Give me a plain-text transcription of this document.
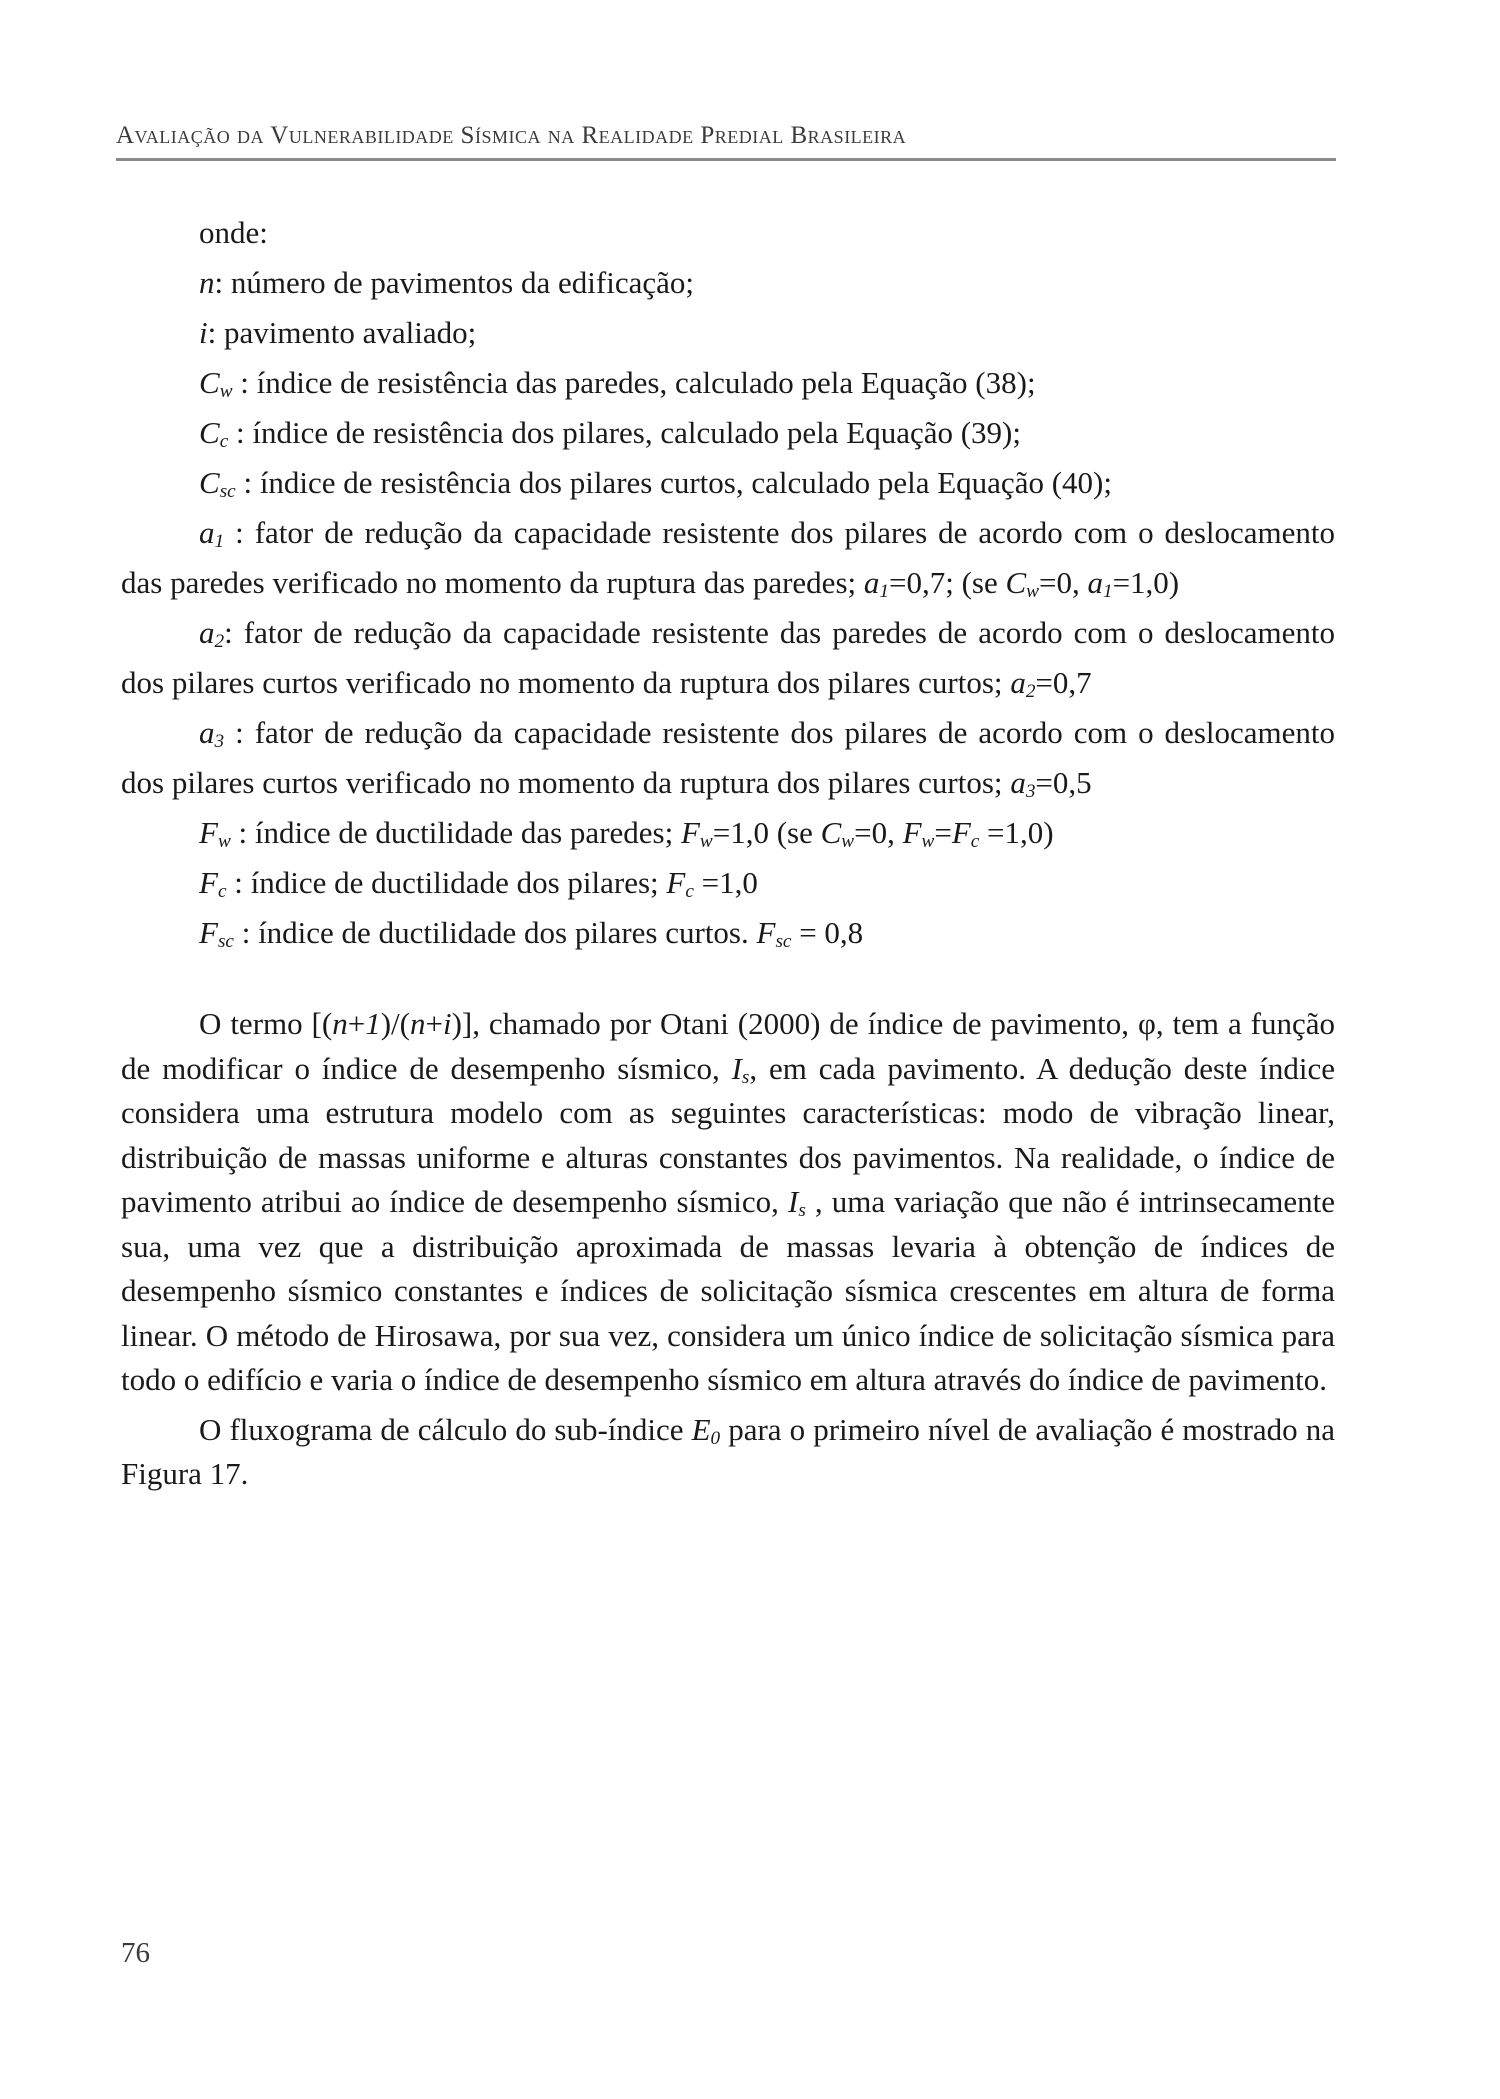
Avaliação da Vulnerabilidade Sísmica na Realidade Predial Brasileira

onde:

n: número de pavimentos da edificação;

i: pavimento avaliado;

$C_w$ : índice de resistência das paredes, calculado pela Equação (38);

$C_c$ : índice de resistência dos pilares, calculado pela Equação (39);

$C_{sc}$ : índice de resistência dos pilares curtos, calculado pela Equação (40);

$a_1$ : fator de redução da capacidade resistente dos pilares de acordo com o deslocamento das paredes verificado no momento da ruptura das paredes; $a_1=0,7$; (se $C_w=0$, $a_1=1,0$)

$a_2$: fator de redução da capacidade resistente das paredes de acordo com o deslocamento dos pilares curtos verificado no momento da ruptura dos pilares curtos; $a_2=0,7$

$a_3$ : fator de redução da capacidade resistente dos pilares de acordo com o deslocamento dos pilares curtos verificado no momento da ruptura dos pilares curtos; $a_3=0,5$

$F_w$ : índice de ductilidade das paredes; $F_w=1,0$ (se $C_w=0$, $F_w=F_c =1,0$)

$F_c$ : índice de ductilidade dos pilares; $F_c =1,0$

$F_{sc}$ : índice de ductilidade dos pilares curtos. $F_{sc} = 0,8$

O termo [(n+1)/(n+i)], chamado por Otani (2000) de índice de pavimento, φ, tem a função de modificar o índice de desempenho sísmico, $I_s$, em cada pavimento. A dedução deste índice considera uma estrutura modelo com as seguintes características: modo de vibração linear, distribuição de massas uniforme e alturas constantes dos pavimentos. Na realidade, o índice de pavimento atribui ao índice de desempenho sísmico, $I_s$ , uma variação que não é intrinsecamente sua, uma vez que a distribuição aproximada de massas levaria à obtenção de índices de desempenho sísmico constantes e índices de solicitação sísmica crescentes em altura de forma linear. O método de Hirosawa, por sua vez, considera um único índice de solicitação sísmica para todo o edifício e varia o índice de desempenho sísmico em altura através do índice de pavimento.

O fluxograma de cálculo do sub-índice $E_0$ para o primeiro nível de avaliação é mostrado na Figura 17.

76
